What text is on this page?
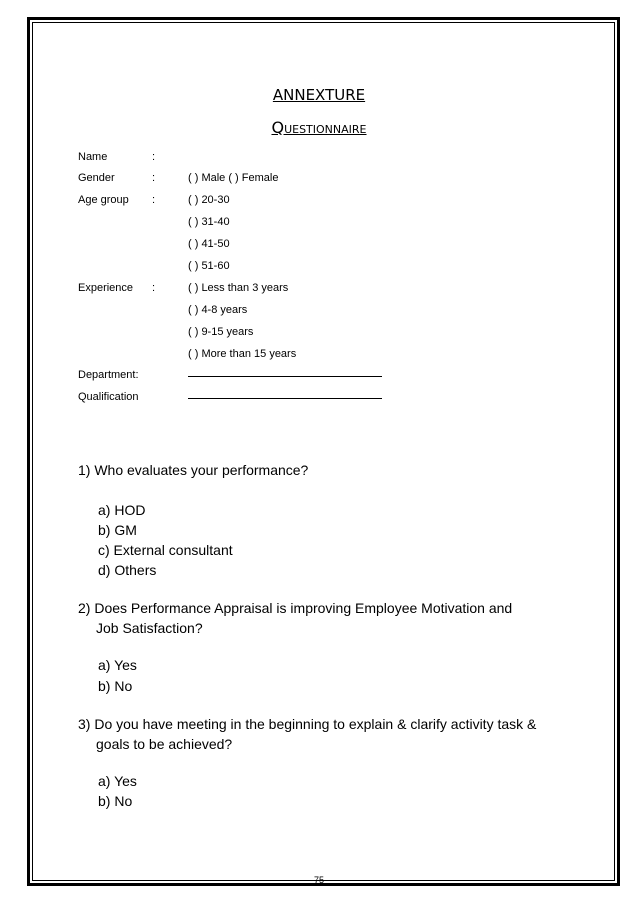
ANNEXTURE
Questionnaire
Name	:
Gender	:	( ) Male ( ) Female
Age group :	( ) 20-30
( ) 31-40
( ) 41-50
( ) 51-60
Experience :	( ) Less than 3 years
( ) 4-8 years
( ) 9-15 years
( ) More than 15 years
Department:
Qualification
1) Who evaluates your performance?
a) HOD
b) GM
c) External consultant
d) Others
2) Does Performance Appraisal is improving Employee Motivation and
Job Satisfaction?
a) Yes
b) No
3) Do you have meeting in the beginning to explain & clarify activity task &
goals to be achieved?
a) Yes
b) No
75
